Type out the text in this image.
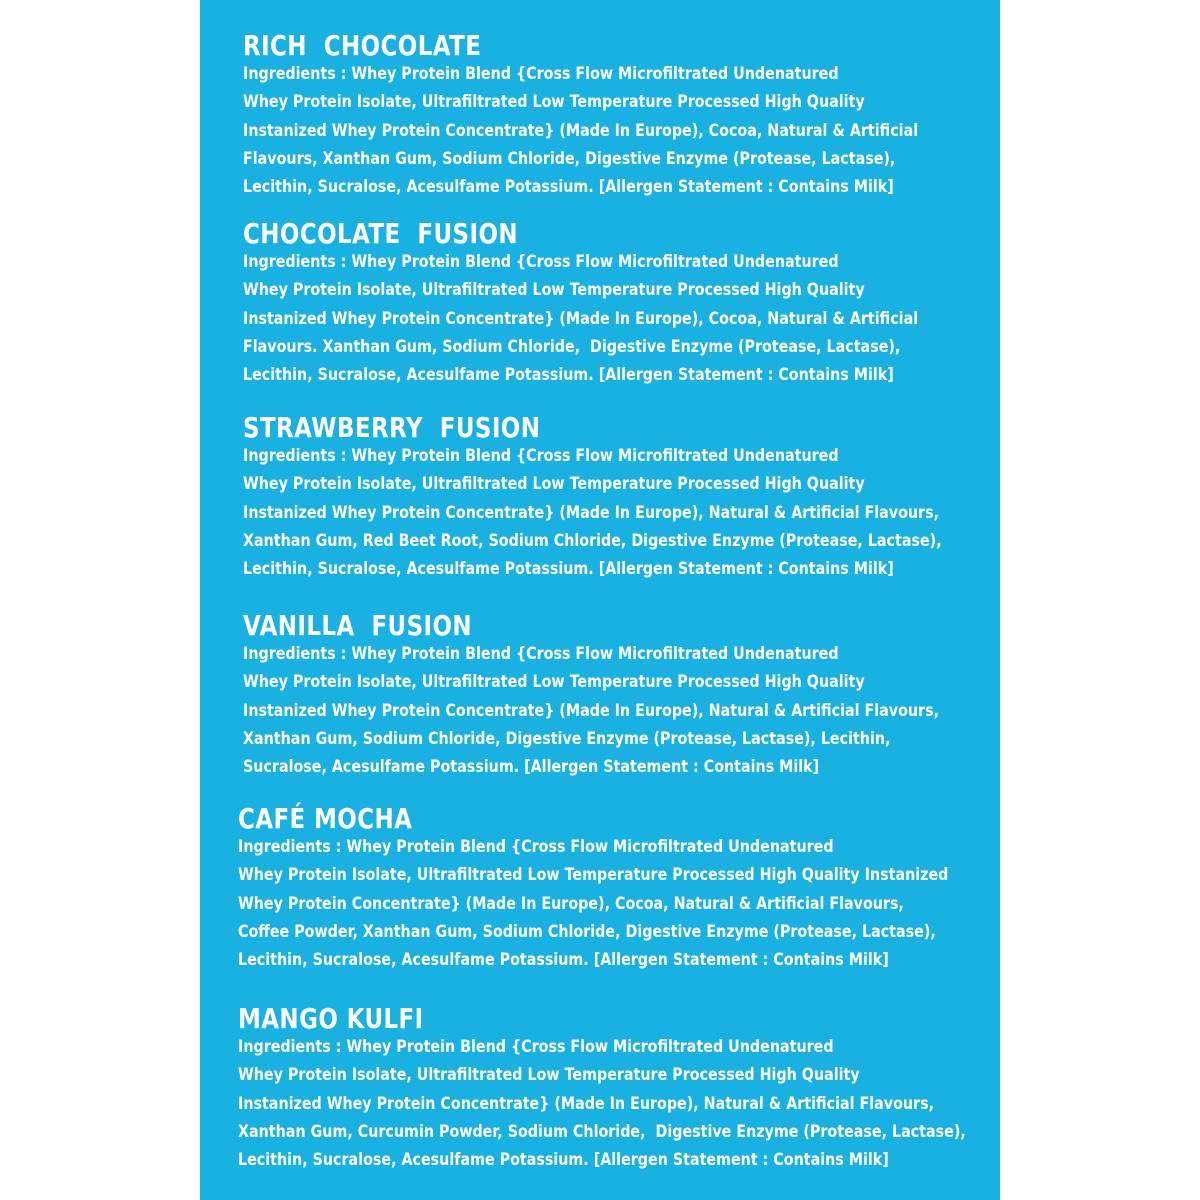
RICH  CHOCOLATE
Ingredients : Whey Protein Blend {Cross Flow Microfiltrated Undenatured
Whey Protein Isolate, Ultrafiltrated Low Temperature Processed High Quality
Instanized Whey Protein Concentrate} (Made In Europe), Cocoa, Natural & Artificial
Flavours, Xanthan Gum, Sodium Chloride, Digestive Enzyme (Protease, Lactase),
Lecithin, Sucralose, Acesulfame Potassium. [Allergen Statement : Contains Milk]
CHOCOLATE  FUSION
Ingredients : Whey Protein Blend {Cross Flow Microfiltrated Undenatured
Whey Protein Isolate, Ultrafiltrated Low Temperature Processed High Quality
Instanized Whey Protein Concentrate} (Made In Europe), Cocoa, Natural & Artificial
Flavours. Xanthan Gum, Sodium Chloride,  Digestive Enzyme (Protease, Lactase),
Lecithin, Sucralose, Acesulfame Potassium. [Allergen Statement : Contains Milk]
STRAWBERRY  FUSION
Ingredients : Whey Protein Blend {Cross Flow Microfiltrated Undenatured
Whey Protein Isolate, Ultrafiltrated Low Temperature Processed High Quality
Instanized Whey Protein Concentrate} (Made In Europe), Natural & Artificial Flavours,
Xanthan Gum, Red Beet Root, Sodium Chloride, Digestive Enzyme (Protease, Lactase),
Lecithin, Sucralose, Acesulfame Potassium. [Allergen Statement : Contains Milk]
VANILLA  FUSION
Ingredients : Whey Protein Blend {Cross Flow Microfiltrated Undenatured
Whey Protein Isolate, Ultrafiltrated Low Temperature Processed High Quality
Instanized Whey Protein Concentrate} (Made In Europe), Natural & Artificial Flavours,
Xanthan Gum, Sodium Chloride, Digestive Enzyme (Protease, Lactase), Lecithin,
Sucralose, Acesulfame Potassium. [Allergen Statement : Contains Milk]
CAFÉ MOCHA
Ingredients : Whey Protein Blend {Cross Flow Microfiltrated Undenatured
Whey Protein Isolate, Ultrafiltrated Low Temperature Processed High Quality Instanized
Whey Protein Concentrate} (Made In Europe), Cocoa, Natural & Artificial Flavours,
Coffee Powder, Xanthan Gum, Sodium Chloride, Digestive Enzyme (Protease, Lactase),
Lecithin, Sucralose, Acesulfame Potassium. [Allergen Statement : Contains Milk]
MANGO KULFI
Ingredients : Whey Protein Blend {Cross Flow Microfiltrated Undenatured
Whey Protein Isolate, Ultrafiltrated Low Temperature Processed High Quality
Instanized Whey Protein Concentrate} (Made In Europe), Natural & Artificial Flavours,
Xanthan Gum, Curcumin Powder, Sodium Chloride,  Digestive Enzyme (Protease, Lactase),
Lecithin, Sucralose, Acesulfame Potassium. [Allergen Statement : Contains Milk]
